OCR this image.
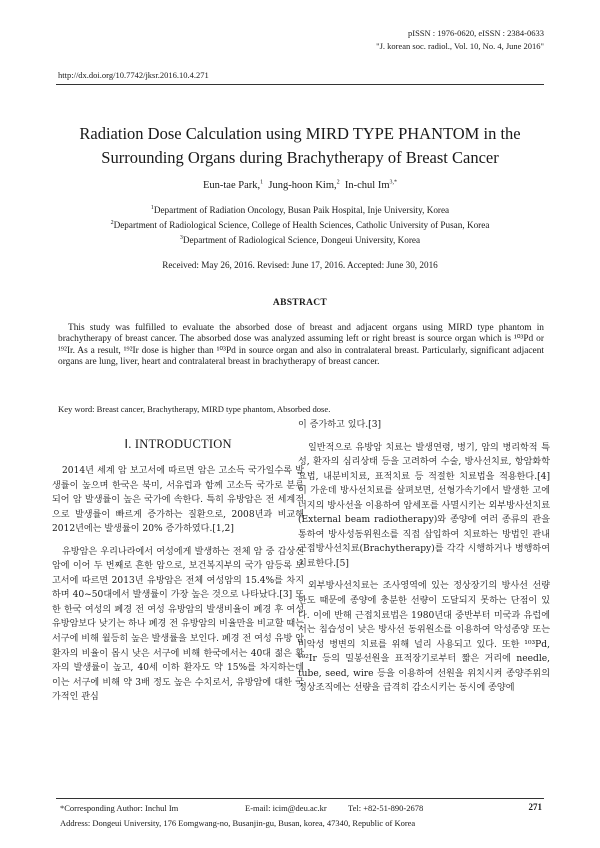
pISSN : 1976-0620, eISSN : 2384-0633
"J. korean soc. radiol., Vol. 10, No. 4, June 2016"
http://dx.doi.org/10.7742/jksr.2016.10.4.271
Radiation Dose Calculation using MIRD TYPE PHANTOM in the
Surrounding Organs during Brachytherapy of Breast Cancer
Eun-tae Park,$^1$  Jung-hoon Kim,$^2$  In-chul $Im^{3,*}$
$^1$Department of Radiation Oncology, Busan Paik Hospital, Inje University, Korea
$^2$Department of Radiological Science, College of Health Sciences, Catholic University of Pusan, Korea
$^3$Department of Radiological Science, Dongeui University, Korea
Received: May 26, 2016. Revised: June 17, 2016. Accepted: June 30, 2016
ABSTRACT
This study was fulfilled to evaluate the absorbed dose of breast and adjacent organs using MIRD type phantom in brachytherapy of breast cancer. The absorbed dose was analyzed assuming left or right breast is source organ which is ¹⁰³Pd or ¹⁹²Ir. As a result, ¹⁹²Ir dose is higher than ¹⁰³Pd in source organ and also in contralateral breast. Particularly, significant adjacent organs are lung, liver, heart and contralateral breast in brachytherapy of breast cancer.
Key word: Breast cancer, Brachytherapy, MIRD type phantom, Absorbed dose.
Ⅰ. INTRODUCTION

2014년 세계 암 보고서에 따르면 암은 고소득 국가일수록 발생률이 높으며 한국은 북미, 서유럽과 함께 고소득 국가로 분류되어 암 발생률이 높은 국가에 속한다. 특히 유방암은 전 세계적으로 발생률이 빠르게 증가하는 질환으로, 2008년과 비교해 2012년에는 발생률이 20% 증가하였다.[1,2]

유방암은 우리나라에서 여성에게 발생하는 전체 암 중 갑상선암에 이어 두 번째로 흔한 암으로, 보건복지부의 국가 암등록 보고서에 따르면 2013년 유방암은 전체 여성암의 15.4%를 차지하며 40~50대에서 발생률이 가장 높은 것으로 나타났다.[3] 또한 한국 여성의 폐경 전 여성 유방암의 발생비율이 폐경 후 여성 유방암보다 낮기는 하나 폐경 전 유방암의 비율만을 비교할 때는 서구에 비해 월등히 높은 발생률을 보인다. 폐경 전 여성 유방 암환자의 비율이 몹시 낮은 서구에 비해 한국에서는 40대 젊은 환자의 발생률이 높고, 40세 이하 환자도 약 15%를 차지하는데 이는 서구에 비해 약 3배 정도 높은 수치로서, 유방암에 대한 국가적인 관심

이 증가하고 있다.[3]

일반적으로 유방암 치료는 발생연령, 병기, 암의 병리학적 특성, 환자의 심리상태 등을 고려하여 수술, 방사선치료, 항암화학요법, 내분비치료, 표적치료 등 적절한 치료법을 적용한다.[4] 이 가운데 방사선치료를 살펴보면, 선형가속기에서 발생한 고에너지의 방사선을 이용하여 암세포를 사멸시키는 외부방사선치료(External beam radiotherapy)와 종양에 여러 종류의 관을 통하여 방사성동위원소를 직접 삽입하여 치료하는 방법인 관내 근접방사선치료(Brachytherapy)를 각각 시행하거나 병행하여 치료한다.[5]

외부방사선치료는 조사영역에 있는 정상장기의 방사선 선량한도 때문에 종양에 충분한 선량이 도달되지 못하는 단점이 있다. 이에 반해 근접치료법은 1980년대 중반부터 미국과 유럽에서는 침습성이 낮은 방사선 동위원소를 이용하여 악성종양 또는 비악성 병변의 치료를 위해 널리 사용되고 있다. 또한 ¹⁰³Pd, ¹⁹²Ir 등의 밀봉선원을 표적장기로부터 짧은 거리에 needle, tube, seed, wire 등을 이용하여 선원을 위치시켜 종양주위의 정상조직에는 선량을 급격히 감소시키는 동시에 종양에

*Corresponding Author: Inchul Im	E-mail: icim@deu.ac.kr	Tel: +82-51-890-2678
Address: Dongeui University, 176 Eomgwang-no, Busanjin-gu, Busan, korea, 47340, Republic of Korea
271
